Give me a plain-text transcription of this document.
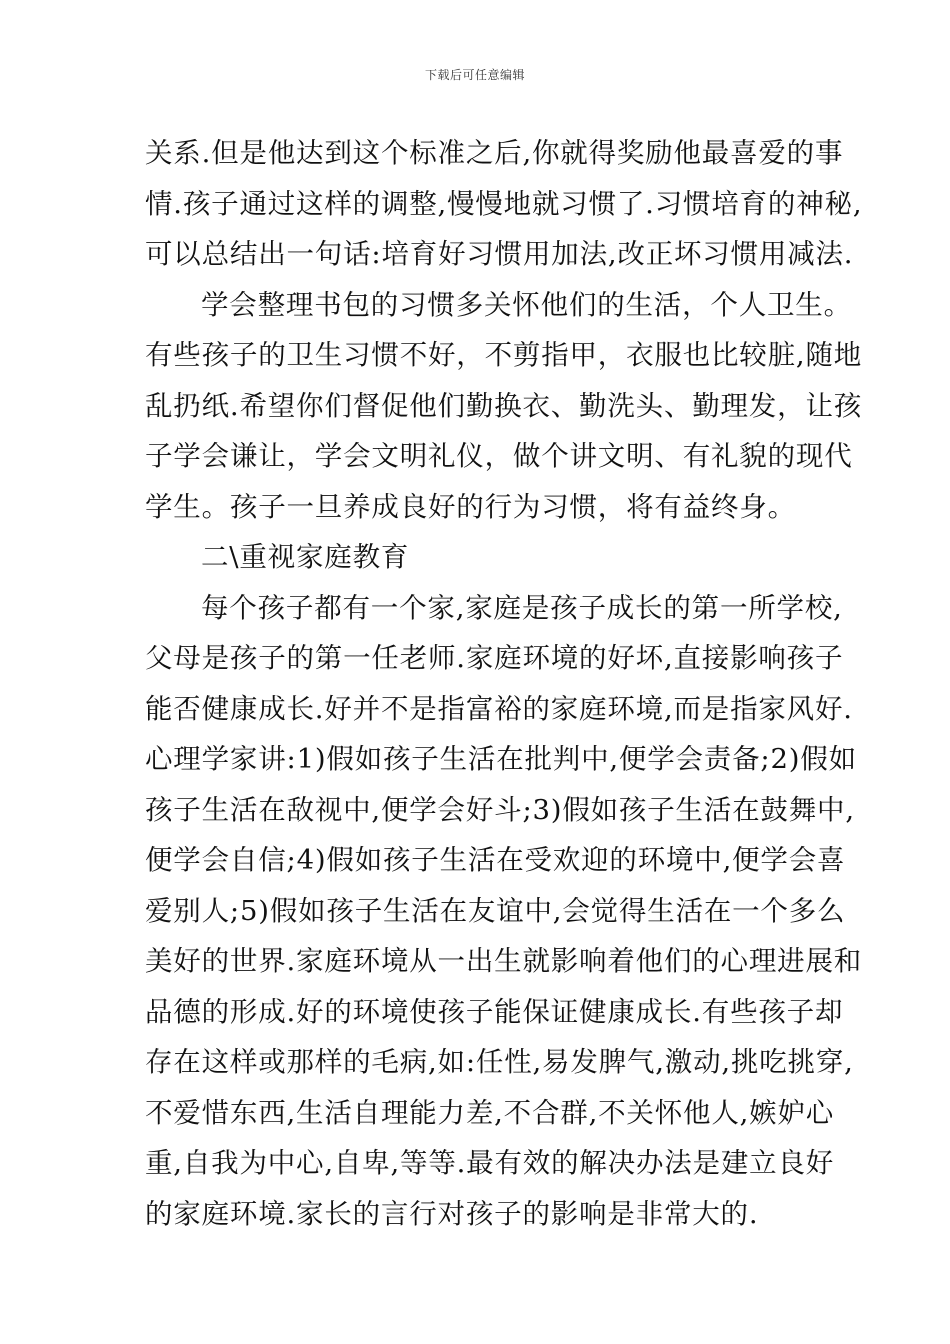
下载后可任意编辑
关系.但是他达到这个标准之后,你就得奖励他最喜爱的事
情.孩子通过这样的调整,慢慢地就习惯了.习惯培育的神秘,
可以总结出一句话:培育好习惯用加法,改正坏习惯用减法.
学会整理书包的习惯多关怀他们的生活，个人卫生。
有些孩子的卫生习惯不好，不剪指甲，衣服也比较脏,随地
乱扔纸.希望你们督促他们勤换衣、勤洗头、勤理发，让孩
子学会谦让，学会文明礼仪，做个讲文明、有礼貌的现代
学生。孩子一旦养成良好的行为习惯，将有益终身。
二\重视家庭教育
每个孩子都有一个家,家庭是孩子成长的第一所学校,
父母是孩子的第一任老师.家庭环境的好坏,直接影响孩子
能否健康成长.好并不是指富裕的家庭环境,而是指家风好.
心理学家讲:1)假如孩子生活在批判中,便学会责备;2)假如
孩子生活在敌视中,便学会好斗;3)假如孩子生活在鼓舞中,
便学会自信;4)假如孩子生活在受欢迎的环境中,便学会喜
爱别人;5)假如孩子生活在友谊中,会觉得生活在一个多么
美好的世界.家庭环境从一出生就影响着他们的心理进展和
品德的形成.好的环境使孩子能保证健康成长.有些孩子却
存在这样或那样的毛病,如:任性,易发脾气,激动,挑吃挑穿,
不爱惜东西,生活自理能力差,不合群,不关怀他人,嫉妒心
重,自我为中心,自卑,等等.最有效的解决办法是建立良好
的家庭环境.家长的言行对孩子的影响是非常大的.
